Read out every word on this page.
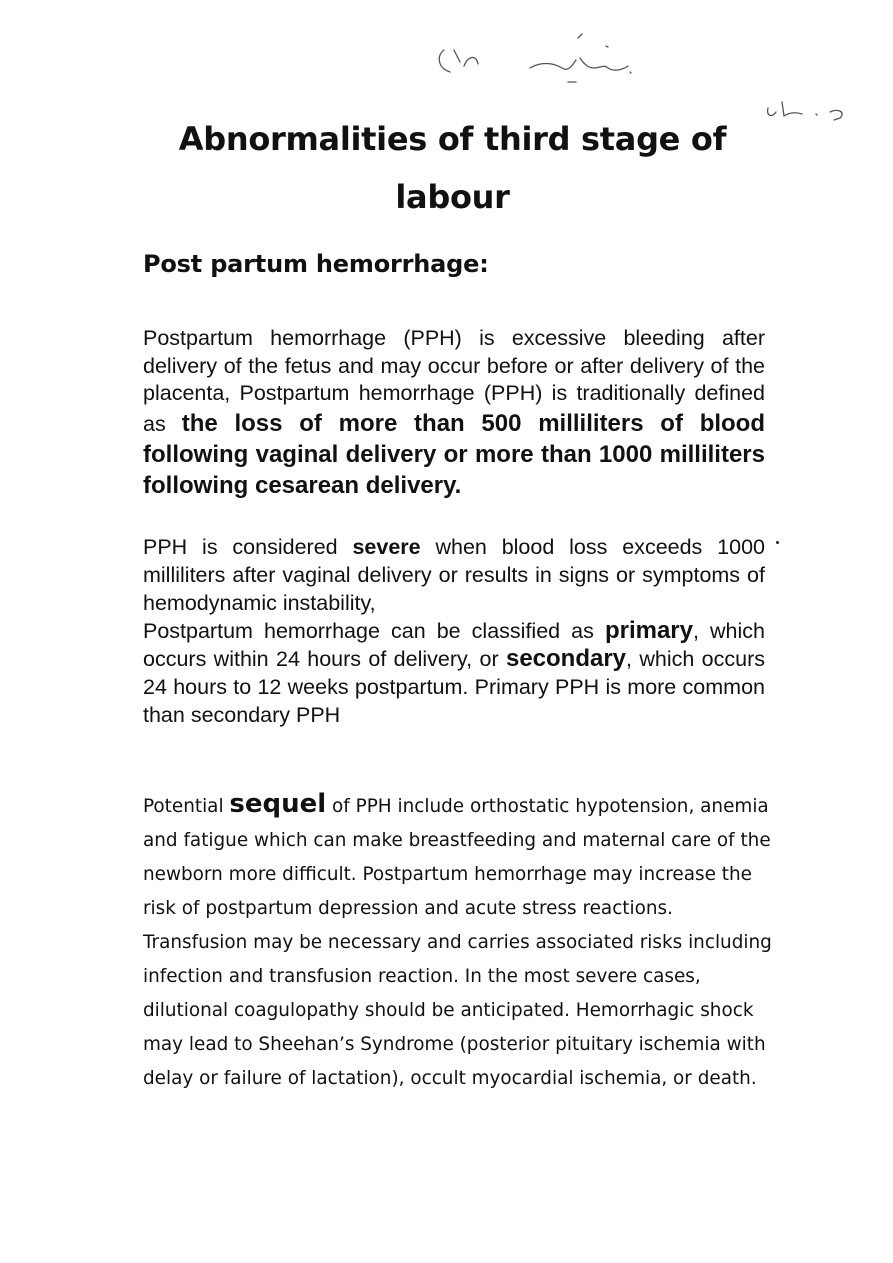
Abnormalities of third stage of
labour
Post partum hemorrhage:

Postpartum hemorrhage (PPH) is excessive bleeding after delivery of the fetus and may occur before or after delivery of the placenta, Postpartum hemorrhage (PPH) is traditionally defined as the loss of more than 500 milliliters of blood following vaginal delivery or more than 1000 milliliters following cesarean delivery.

PPH is considered severe when blood loss exceeds 1000 milliliters after vaginal delivery or results in signs or symptoms of hemodynamic instability,

Postpartum hemorrhage can be classified as primary, which occurs within 24 hours of delivery, or secondary, which occurs 24 hours to 12 weeks postpartum. Primary PPH is more common than secondary PPH

Potential sequel of PPH include orthostatic hypotension, anemia and fatigue which can make breastfeeding and maternal care of the newborn more difficult. Postpartum hemorrhage may increase the risk of postpartum depression and acute stress reactions. Transfusion may be necessary and carries associated risks including infection and transfusion reaction. In the most severe cases, dilutional coagulopathy should be anticipated. Hemorrhagic shock may lead to Sheehan’s Syndrome (posterior pituitary ischemia with delay or failure of lactation), occult myocardial ischemia, or death.
